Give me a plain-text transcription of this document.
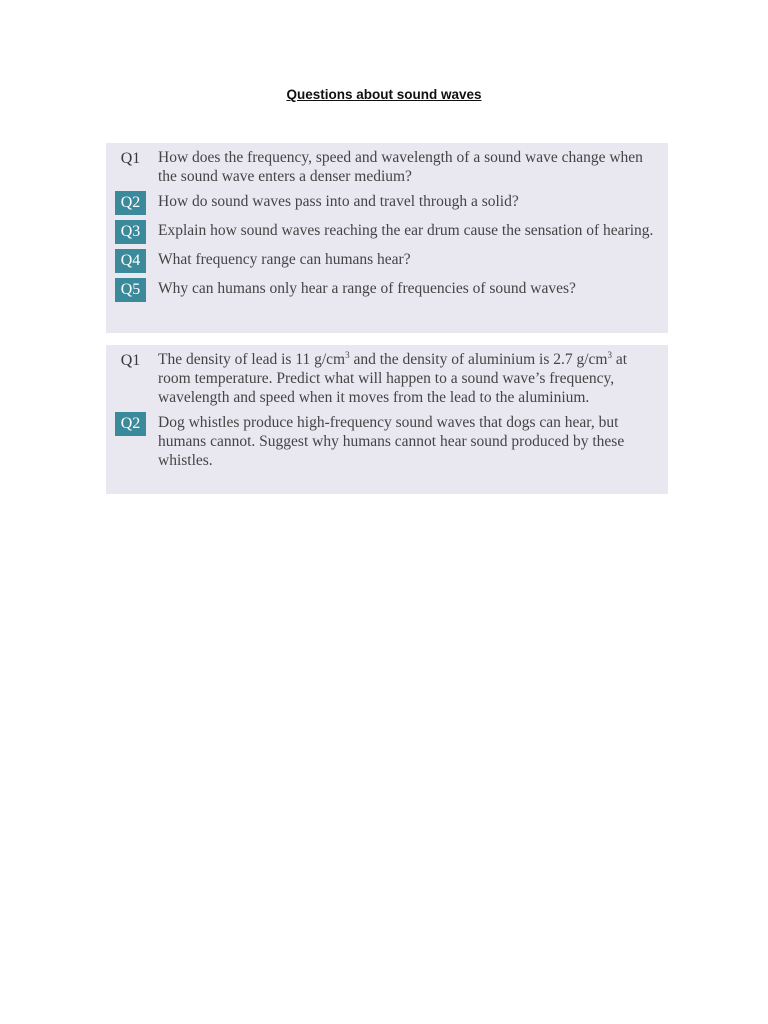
Questions about sound waves
Q1	How does the frequency, speed and wavelength of a sound wave change when the sound wave enters a denser medium?
Q2	How do sound waves pass into and travel through a solid?
Q3	Explain how sound waves reaching the ear drum cause the sensation of hearing.
Q4	What frequency range can humans hear?
Q5	Why can humans only hear a range of frequencies of sound waves?
Q1	The density of lead is 11 $g/cm^3$ and the density of aluminium is 2.7 $g/cm^3$ at room temperature. Predict what will happen to a sound wave’s frequency, wavelength and speed when it moves from the lead to the aluminium.
Q2	Dog whistles produce high-frequency sound waves that dogs can hear, but humans cannot. Suggest why humans cannot hear sound produced by these whistles.
